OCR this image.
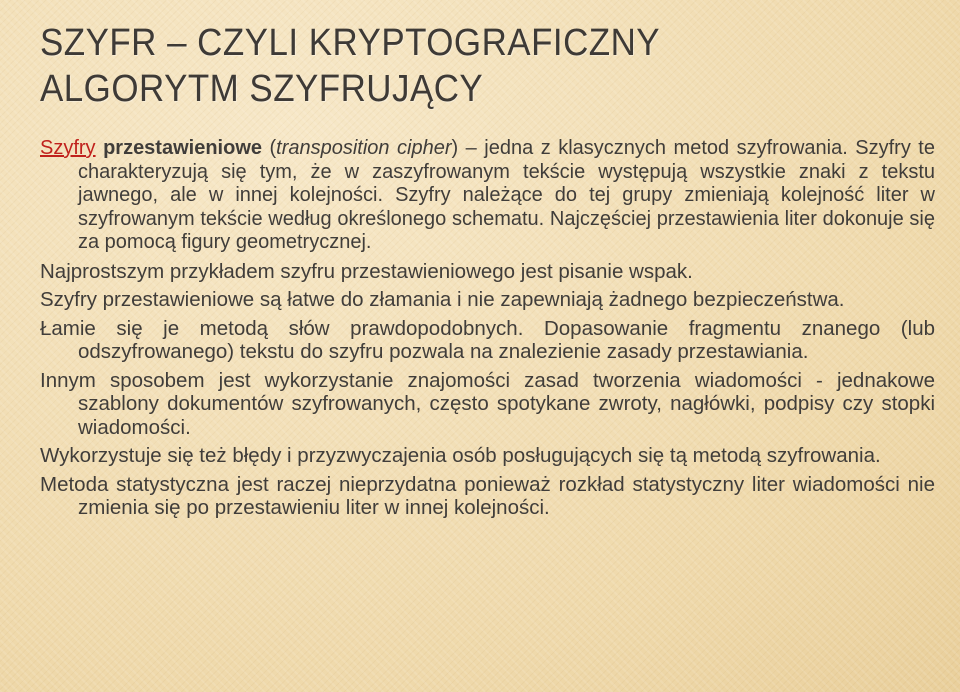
SZYFR – CZYLI KRYPTOGRAFICZNY ALGORYTM SZYFRUJĄCY

Szyfry przestawieniowe (transposition cipher) – jedna z klasycznych metod szyfrowania. Szyfry te charakteryzują się tym, że w zaszyfrowanym tekście występują wszystkie znaki z tekstu jawnego, ale w innej kolejności. Szyfry należące do tej grupy zmieniają kolejność liter w szyfrowanym tekście według określonego schematu. Najczęściej przestawienia liter dokonuje się za pomocą figury geometrycznej.

Najprostszym przykładem szyfru przestawieniowego jest pisanie wspak.

Szyfry przestawieniowe są łatwe do złamania i nie zapewniają żadnego bezpieczeństwa.

Łamie się je metodą słów prawdopodobnych. Dopasowanie fragmentu znanego (lub odszyfrowanego) tekstu do szyfru pozwala na znalezienie zasady przestawiania.

Innym sposobem jest wykorzystanie znajomości zasad tworzenia wiadomości - jednakowe szablony dokumentów szyfrowanych, często spotykane zwroty, nagłówki, podpisy czy stopki wiadomości.

Wykorzystuje się też błędy i przyzwyczajenia osób posługujących się tą metodą szyfrowania.

Metoda statystyczna jest raczej nieprzydatna ponieważ rozkład statystyczny liter wiadomości nie zmienia się po przestawieniu liter w innej kolejności.
